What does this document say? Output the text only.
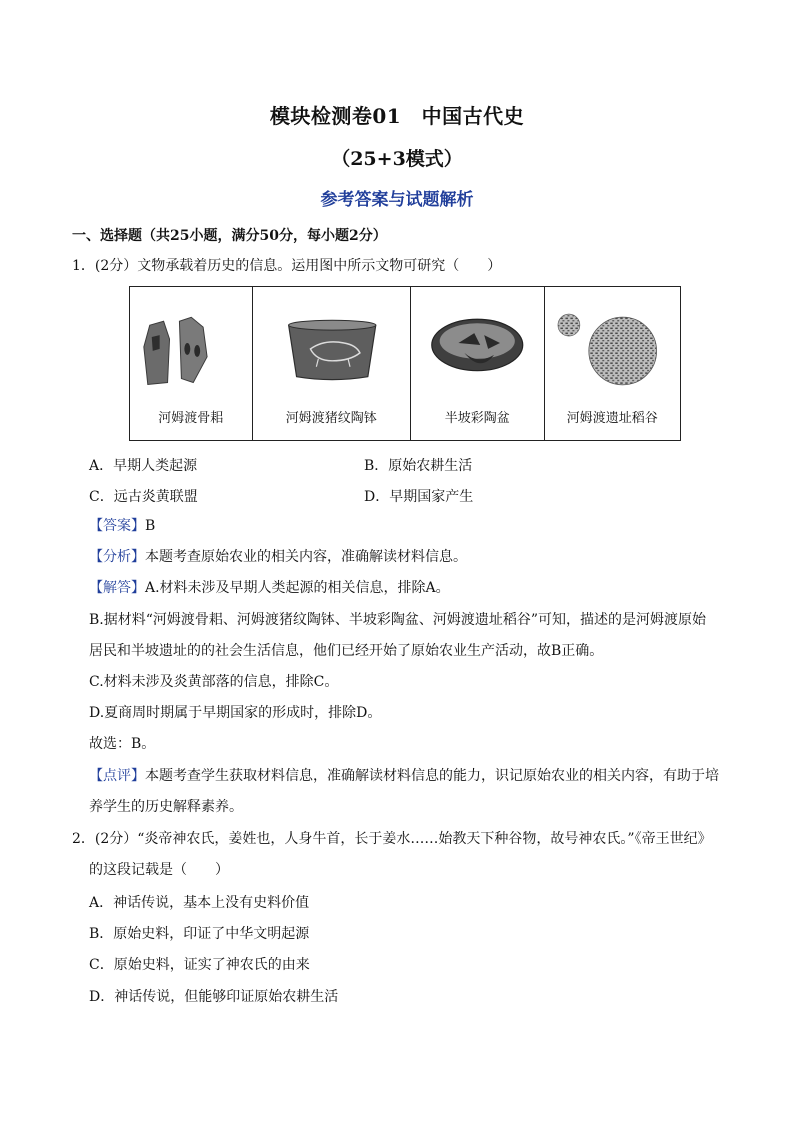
模块检测卷01　中国古代史
（25+3模式）
参考答案与试题解析
一、选择题（共25小题，满分50分，每小题2分）
1．(2分）文物承载着历史的信息。运用图中所示文物可研究（　　）
河姆渡骨耜	河姆渡猪纹陶钵	半坡彩陶盆	河姆渡遗址稻谷
A．早期人类起源	B．原始农耕生活
C．远古炎黄联盟	D．早期国家产生
【答案】B
【分析】本题考查原始农业的相关内容，准确解读材料信息。
【解答】A.材料未涉及早期人类起源的相关信息，排除A。
B.据材料“河姆渡骨耜、河姆渡猪纹陶钵、半坡彩陶盆、河姆渡遗址稻谷”可知，描述的是河姆渡原始
居民和半坡遗址的的社会生活信息，他们已经开始了原始农业生产活动，故B正确。
C.材料未涉及炎黄部落的信息，排除C。
D.夏商周时期属于早期国家的形成时，排除D。
故选：B。
【点评】本题考查学生获取材料信息，准确解读材料信息的能力，识记原始农业的相关内容，有助于培
养学生的历史解释素养。
2．(2分）“炎帝神农氏，姜姓也，人身牛首，长于姜水……始教天下种谷物，故号神农氏。”《帝王世纪》
的这段记载是（　　）
A．神话传说，基本上没有史料价值
B．原始史料，印证了中华文明起源
C．原始史料，证实了神农氏的由来
D．神话传说，但能够印证原始农耕生活
